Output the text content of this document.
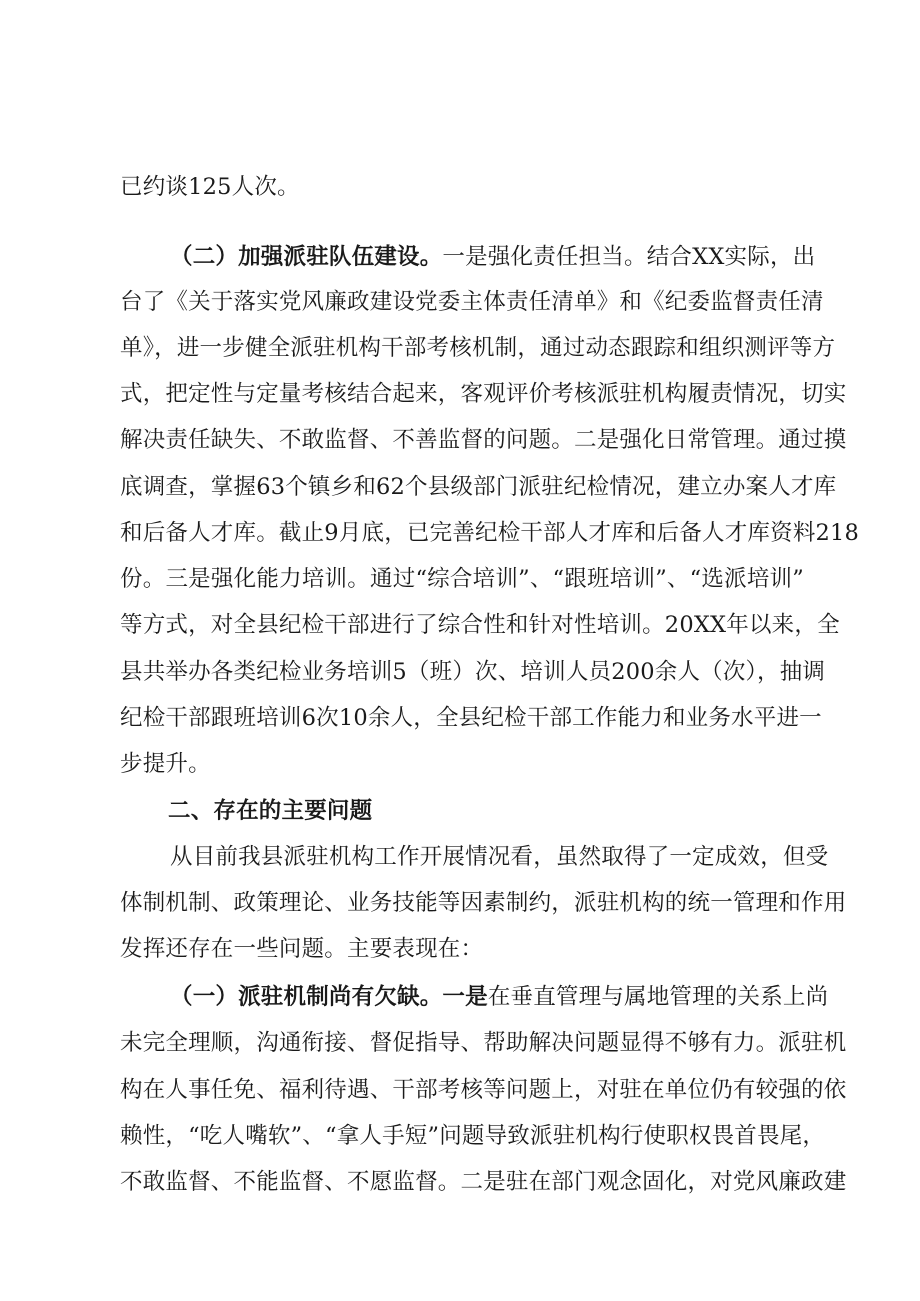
已约谈125人次。
（二）加强派驻队伍建设。一是强化责任担当。结合XX实际，出
台了《关于落实党风廉政建设党委主体责任清单》和《纪委监督责任清
单》，进一步健全派驻机构干部考核机制，通过动态跟踪和组织测评等方
式，把定性与定量考核结合起来，客观评价考核派驻机构履责情况，切实
解决责任缺失、不敢监督、不善监督的问题。二是强化日常管理。通过摸
底调查，掌握63个镇乡和62个县级部门派驻纪检情况，建立办案人才库
和后备人才库。截止9月底，已完善纪检干部人才库和后备人才库资料218
份。三是强化能力培训。通过“综合培训”、“跟班培训”、“选派培训”
等方式，对全县纪检干部进行了综合性和针对性培训。20XX年以来，全
县共举办各类纪检业务培训5（班）次、培训人员200余人（次），抽调
纪检干部跟班培训6次10余人，全县纪检干部工作能力和业务水平进一
步提升。
二、存在的主要问题
从目前我县派驻机构工作开展情况看，虽然取得了一定成效，但受
体制机制、政策理论、业务技能等因素制约，派驻机构的统一管理和作用
发挥还存在一些问题。主要表现在：
（一）派驻机制尚有欠缺。一是在垂直管理与属地管理的关系上尚
未完全理顺，沟通衔接、督促指导、帮助解决问题显得不够有力。派驻机
构在人事任免、福利待遇、干部考核等问题上，对驻在单位仍有较强的依
赖性，“吃人嘴软”、“拿人手短”问题导致派驻机构行使职权畏首畏尾，
不敢监督、不能监督、不愿监督。二是驻在部门观念固化，对党风廉政建
